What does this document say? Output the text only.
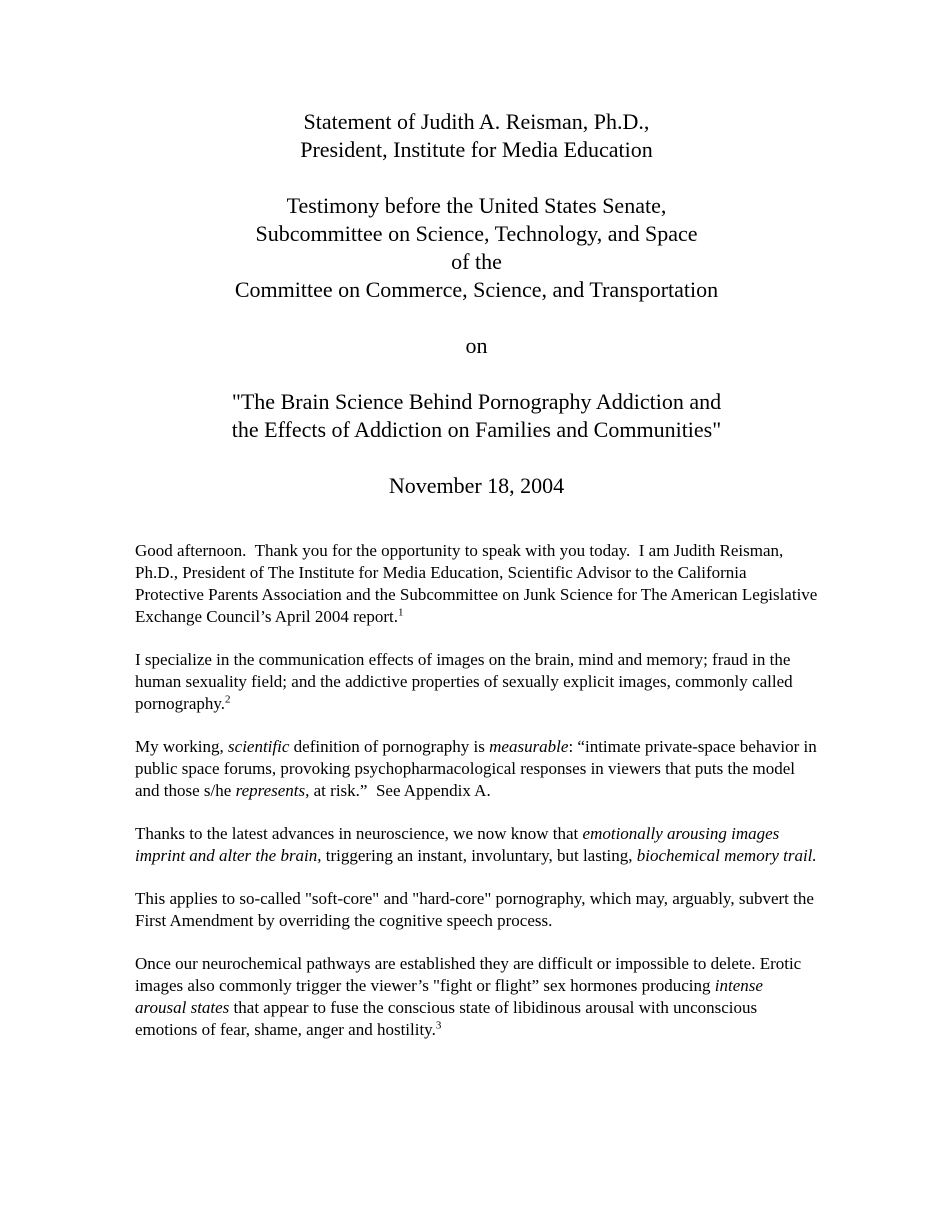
Statement of Judith A. Reisman, Ph.D.,
President, Institute for Media Education
Testimony before the United States Senate,
Subcommittee on Science, Technology, and Space
of the
Committee on Commerce, Science, and Transportation
on
"The Brain Science Behind Pornography Addiction and
the Effects of Addiction on Families and Communities"
November 18, 2004

Good afternoon.  Thank you for the opportunity to speak with you today.  I am Judith Reisman, Ph.D., President of The Institute for Media Education, Scientific Advisor to the California Protective Parents Association and the Subcommittee on Junk Science for The American Legislative Exchange Council’s April 2004 report.$^1$

I specialize in the communication effects of images on the brain, mind and memory; fraud in the human sexuality field; and the addictive properties of sexually explicit images, commonly called pornography.$^2$

My working, scientific definition of pornography is measurable: “intimate private-space behavior in public space forums, provoking psychopharmacological responses in viewers that puts the model and those s/he represents, at risk.”  See Appendix A.

Thanks to the latest advances in neuroscience, we now know that emotionally arousing images imprint and alter the brain, triggering an instant, involuntary, but lasting, biochemical memory trail.

This applies to so-called "soft-core" and "hard-core" pornography, which may, arguably, subvert the First Amendment by overriding the cognitive speech process.

Once our neurochemical pathways are established they are difficult or impossible to delete. Erotic images also commonly trigger the viewer’s "fight or flight” sex hormones producing intense arousal states that appear to fuse the conscious state of libidinous arousal with unconscious emotions of fear, shame, anger and hostility.$^3$
